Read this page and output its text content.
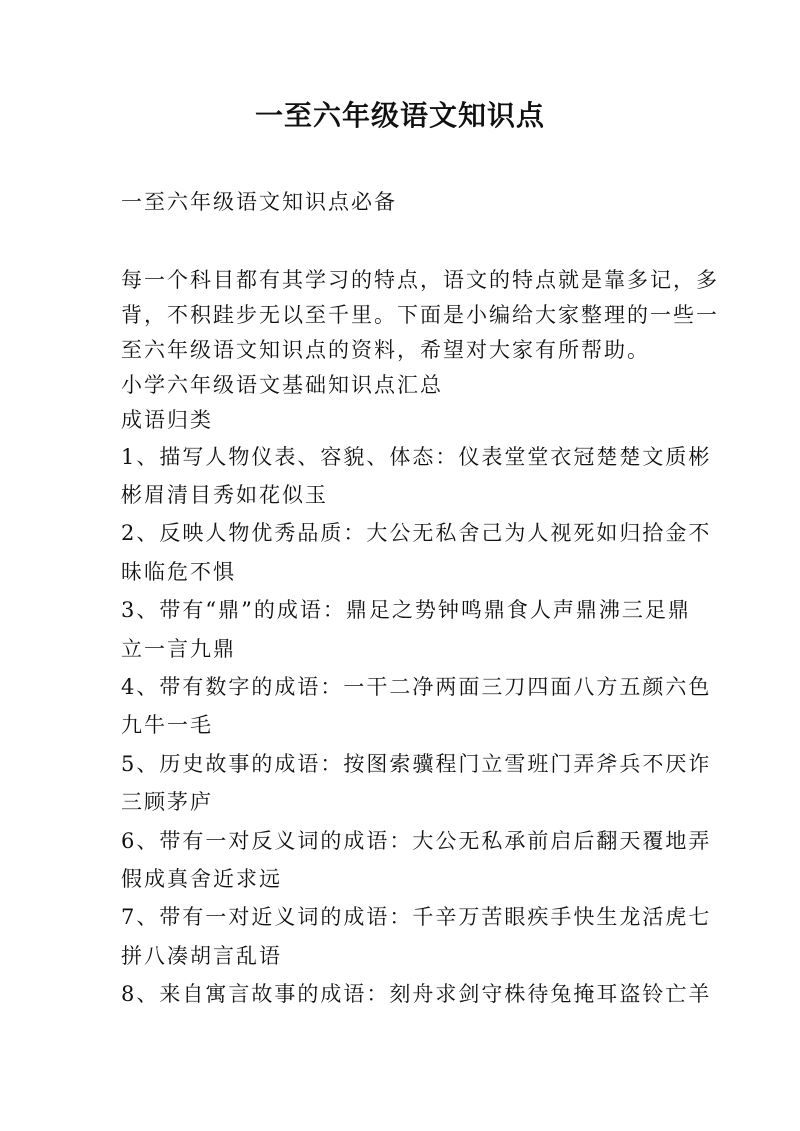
一至六年级语文知识点
一至六年级语文知识点必备

每一个科目都有其学习的特点，语文的特点就是靠多记，多

背，不积跬步无以至千里。下面是小编给大家整理的一些一

至六年级语文知识点的资料，希望对大家有所帮助。

小学六年级语文基础知识点汇总

成语归类

1、描写人物仪表、容貌、体态：仪表堂堂衣冠楚楚文质彬
彬眉清目秀如花似玉
2、反映人物优秀品质：大公无私舍己为人视死如归拾金不
昧临危不惧
3、带有“鼎”的成语：鼎足之势钟鸣鼎食人声鼎沸三足鼎
立一言九鼎
4、带有数字的成语：一干二净两面三刀四面八方五颜六色
九牛一毛
5、历史故事的成语：按图索骥程门立雪班门弄斧兵不厌诈
三顾茅庐
6、带有一对反义词的成语：大公无私承前启后翻天覆地弄
假成真舍近求远
7、带有一对近义词的成语：千辛万苦眼疾手快生龙活虎七
拼八凑胡言乱语
8、来自寓言故事的成语：刻舟求剑守株待兔掩耳盗铃亡羊
